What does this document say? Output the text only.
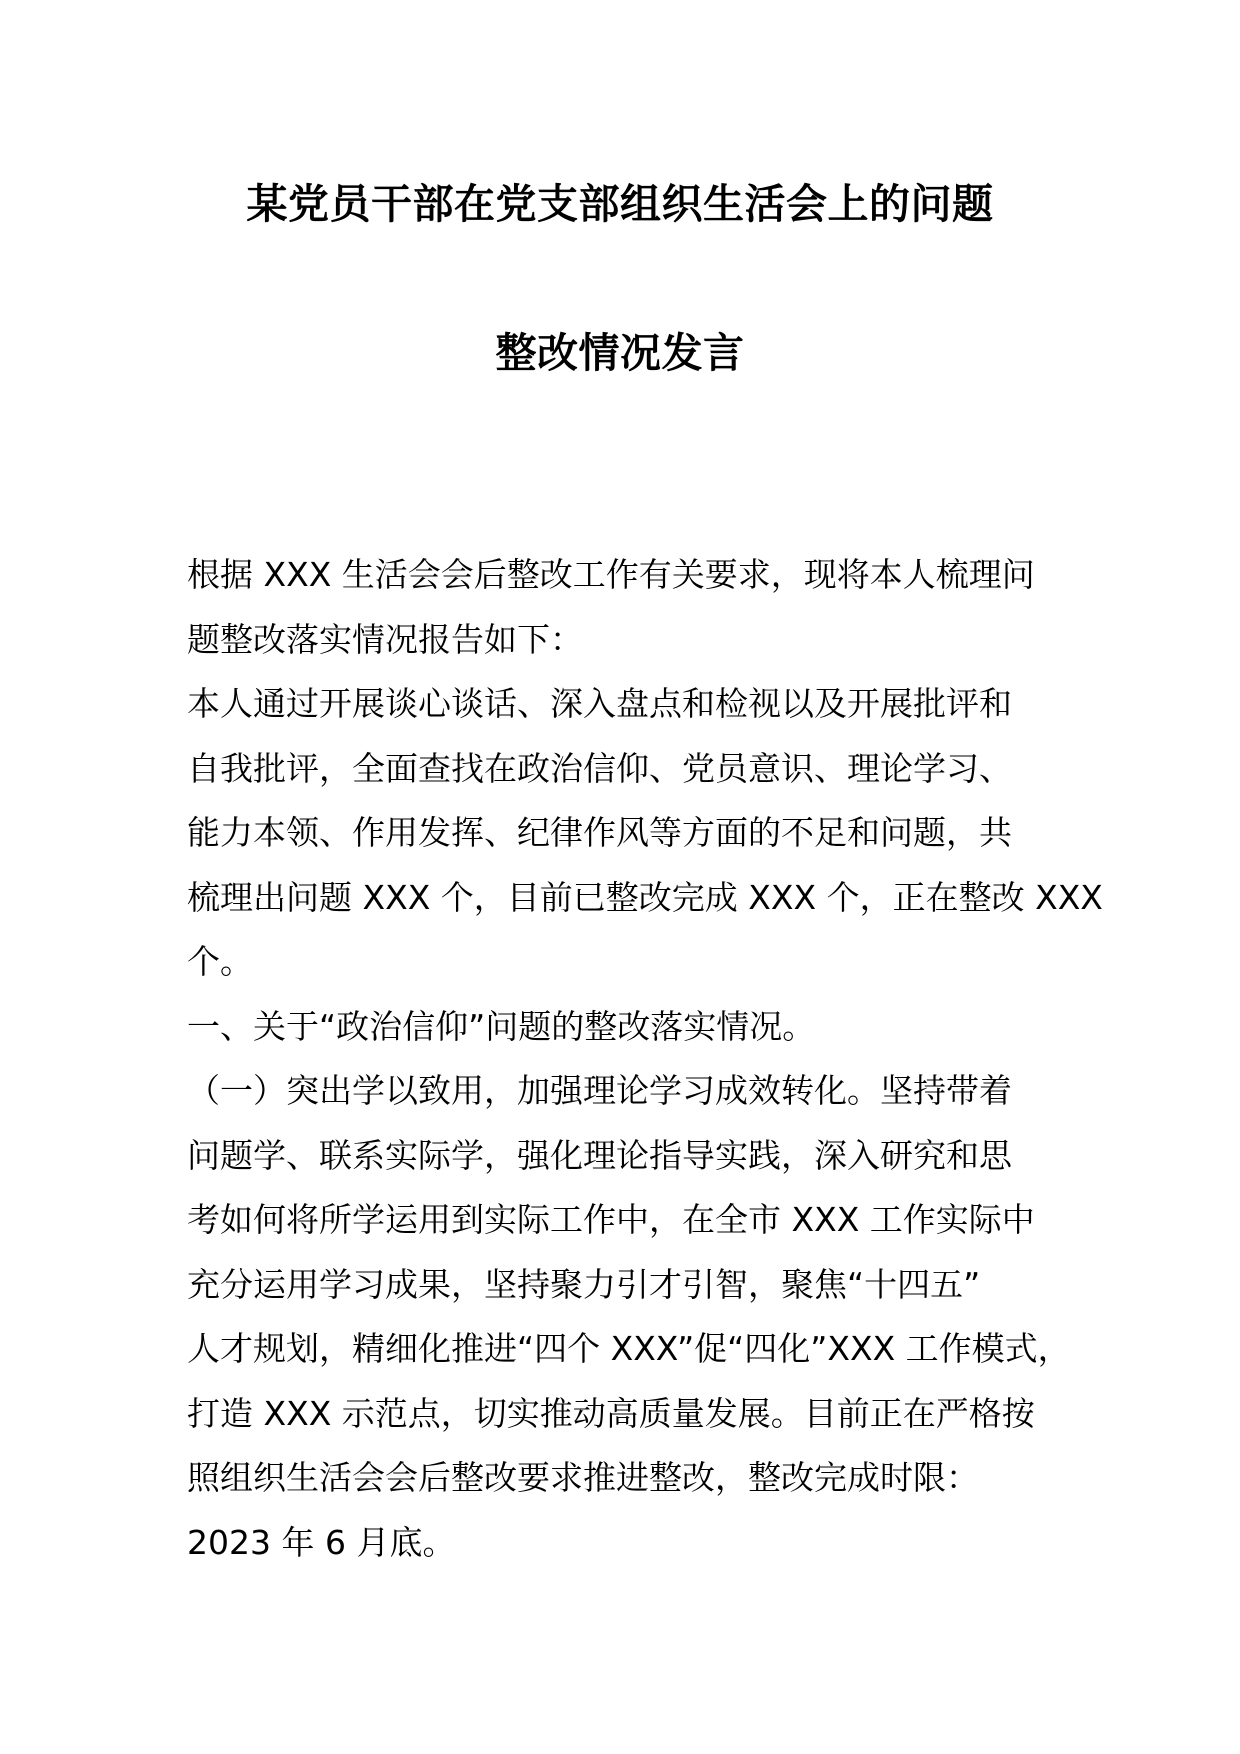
某党员干部在党支部组织生活会上的问题
整改情况发言
根据 XXX 生活会会后整改工作有关要求，现将本人梳理问
题整改落实情况报告如下：
本人通过开展谈心谈话、深入盘点和检视以及开展批评和
自我批评，全面查找在政治信仰、党员意识、理论学习、
能力本领、作用发挥、纪律作风等方面的不足和问题，共
梳理出问题 XXX 个，目前已整改完成 XXX 个，正在整改 XXX
个。
一、关于“政治信仰”问题的整改落实情况。
（一）突出学以致用，加强理论学习成效转化。坚持带着
问题学、联系实际学，强化理论指导实践，深入研究和思
考如何将所学运用到实际工作中，在全市 XXX 工作实际中
充分运用学习成果，坚持聚力引才引智，聚焦“十四五”
人才规划，精细化推进“四个 XXX”促“四化”XXX 工作模式，
打造 XXX 示范点，切实推动高质量发展。目前正在严格按
照组织生活会会后整改要求推进整改，整改完成时限：
2023 年 6 月底。
